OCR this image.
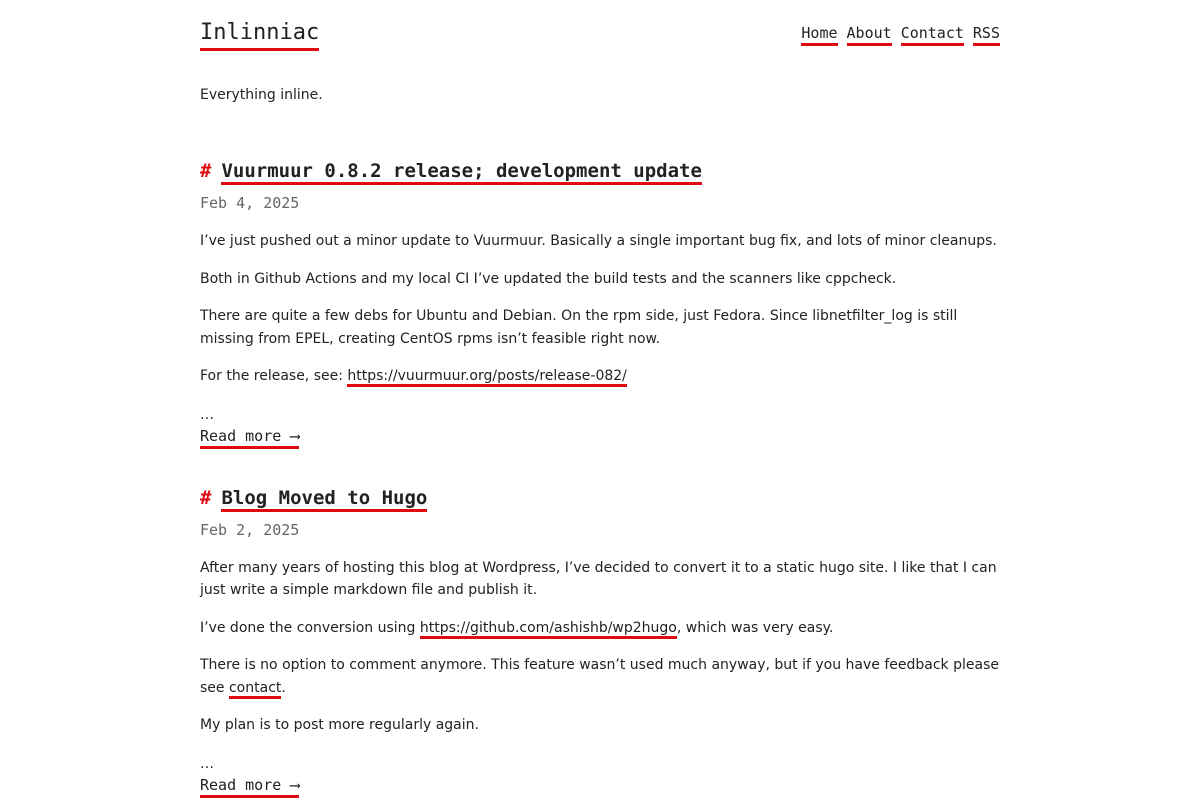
Inlinniac	Home About Contact RSS

Everything inline.

# Vuurmuur 0.8.2 release; development update
Feb 4, 2025

I’ve just pushed out a minor update to Vuurmuur. Basically a single important bug fix, and lots of minor cleanups.

Both in Github Actions and my local CI I’ve updated the build tests and the scanners like cppcheck.

There are quite a few debs for Ubuntu and Debian. On the rpm side, just Fedora. Since libnetfilter_log is still missing from EPEL, creating CentOS rpms isn’t feasible right now.

For the release, see: https://vuurmuur.org/posts/release-082/

…
Read more ⟶
# Blog Moved to Hugo
Feb 2, 2025

After many years of hosting this blog at Wordpress, I’ve decided to convert it to a static hugo site. I like that I can just write a simple markdown file and publish it.

I’ve done the conversion using https://github.com/ashishb/wp2hugo, which was very easy.

There is no option to comment anymore. This feature wasn’t used much anyway, but if you have feedback please see contact.

My plan is to post more regularly again.

…
Read more ⟶
